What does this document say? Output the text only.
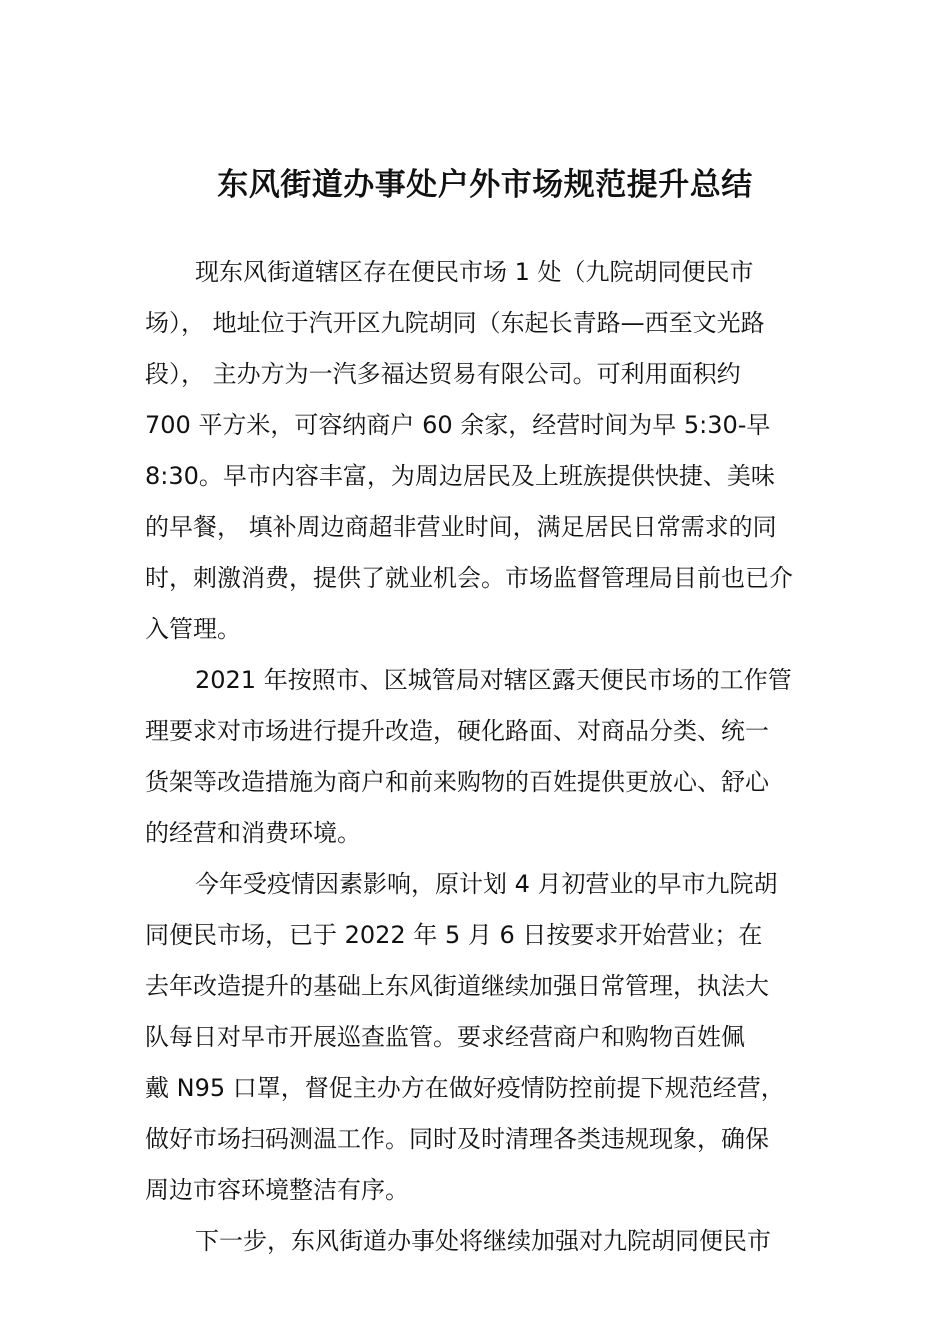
东风街道办事处户外市场规范提升总结
现东风街道辖区存在便民市场 1 处（九院胡同便民市
场）， 地址位于汽开区九院胡同（东起长青路—西至文光路
段）， 主办方为一汽多福达贸易有限公司。可利用面积约
700 平方米，可容纳商户 60 余家，经营时间为早 5:30-早
8:30。早市内容丰富，为周边居民及上班族提供快捷、美味
的早餐， 填补周边商超非营业时间，满足居民日常需求的同
时，刺激消费，提供了就业机会。市场监督管理局目前也已介
入管理。
2021 年按照市、区城管局对辖区露天便民市场的工作管
理要求对市场进行提升改造，硬化路面、对商品分类、统一
货架等改造措施为商户和前来购物的百姓提供更放心、舒心
的经营和消费环境。
今年受疫情因素影响，原计划 4 月初营业的早市九院胡
同便民市场，已于 2022 年 5 月 6 日按要求开始营业；在
去年改造提升的基础上东风街道继续加强日常管理，执法大
队每日对早市开展巡查监管。要求经营商户和购物百姓佩
戴 N95 口罩，督促主办方在做好疫情防控前提下规范经营，
做好市场扫码测温工作。同时及时清理各类违规现象，确保
周边市容环境整洁有序。
下一步，东风街道办事处将继续加强对九院胡同便民市
